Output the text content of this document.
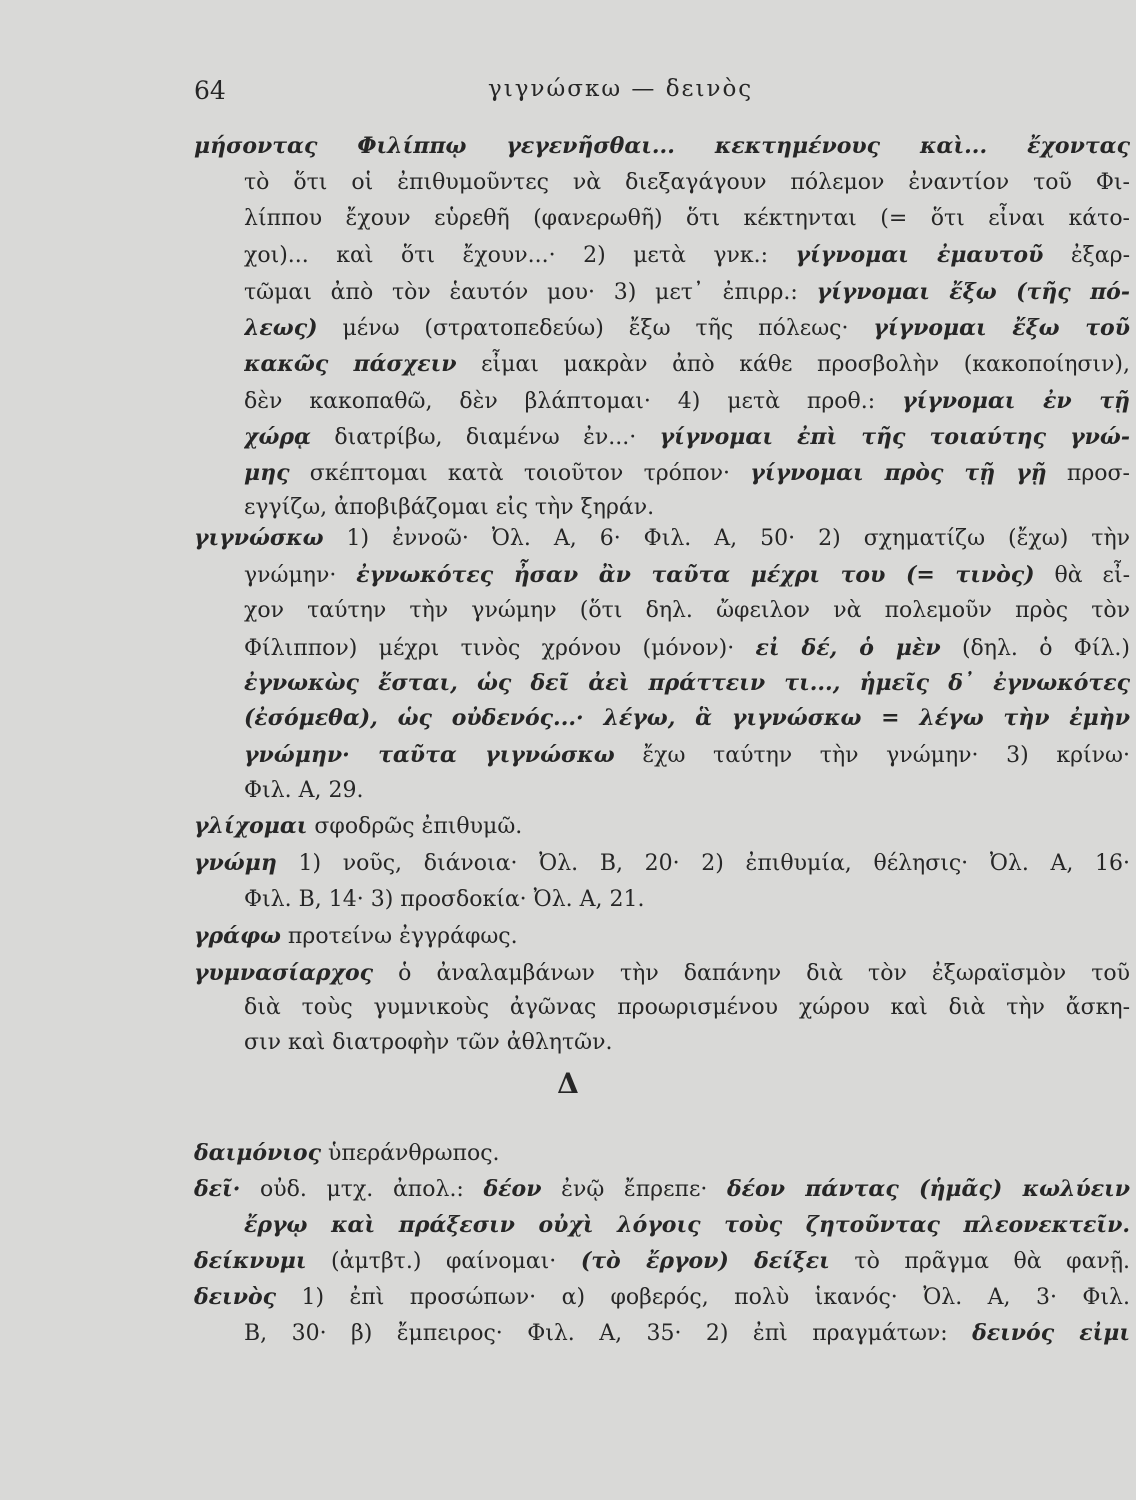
64	γιγνώσκω — δεινὸς
μήσοντας Φιλίππῳ γεγενῆσθαι... κεκτημένους καὶ... ἔχοντας
τὸ ὅτι οἱ ἐπιθυμοῦντες νὰ διεξαγάγουν πόλεμον ἐναντίον τοῦ Φι-
λίππου ἔχουν εὑρεθῆ (φανερωθῆ) ὅτι κέκτηνται (= ὅτι εἶναι κάτο-
χοι)... καὶ ὅτι ἔχουν...· 2) μετὰ γνκ.: γίγνομαι ἐμαυτοῦ ἐξαρ-
τῶμαι ἀπὸ τὸν ἑαυτόν μου· 3) μετ᾽ ἐπιρρ.: γίγνομαι ἔξω (τῆς πό-
λεως) μένω (στρατοπεδεύω) ἔξω τῆς πόλεως· γίγνομαι ἔξω τοῦ
κακῶς πάσχειν εἶμαι μακρὰν ἀπὸ κάθε προσβολὴν (κακοποίησιν),
δὲν κακοπαθῶ, δὲν βλάπτομαι· 4) μετὰ προθ.: γίγνομαι ἐν τῇ
χώρᾳ διατρίβω, διαμένω ἐν...· γίγνομαι ἐπὶ τῆς τοιαύτης γνώ-
μης σκέπτομαι κατὰ τοιοῦτον τρόπον· γίγνομαι πρὸς τῇ γῇ προσ-
εγγίζω, ἀποβιβάζομαι εἰς τὴν ξηράν.
γιγνώσκω 1) ἐννοῶ· Ὀλ. Α, 6· Φιλ. Α, 50· 2) σχηματίζω (ἔχω) τὴν
γνώμην· ἐγνωκότες ἦσαν ἂν ταῦτα μέχρι του (= τινὸς) θὰ εἶ-
χον ταύτην τὴν γνώμην (ὅτι δηλ. ὤφειλον νὰ πολεμοῦν πρὸς τὸν
Φίλιππον) μέχρι τινὸς χρόνου (μόνον)· εἰ δέ, ὁ μὲν (δηλ. ὁ Φίλ.)
ἐγνωκὼς ἔσται, ὡς δεῖ ἀεὶ πράττειν τι..., ἡμεῖς δ᾽ ἐγνωκότες
(ἐσόμεθα), ὡς οὐδενός...· λέγω, ἃ γιγνώσκω = λέγω τὴν ἐμὴν
γνώμην· ταῦτα γιγνώσκω ἔχω ταύτην τὴν γνώμην· 3) κρίνω·
Φιλ. Α, 29.
γλίχομαι σφοδρῶς ἐπιθυμῶ.
γνώμη 1) νοῦς, διάνοια· Ὀλ. Β, 20· 2) ἐπιθυμία, θέλησις· Ὀλ. Α, 16·
Φιλ. Β, 14· 3) προσδοκία· Ὀλ. Α, 21.
γράφω προτείνω ἐγγράφως.
γυμνασίαρχος ὁ ἀναλαμβάνων τὴν δαπάνην διὰ τὸν ἐξωραϊσμὸν τοῦ
διὰ τοὺς γυμνικοὺς ἀγῶνας προωρισμένου χώρου καὶ διὰ τὴν ἄσκη-
σιν καὶ διατροφὴν τῶν ἀθλητῶν.
δαιμόνιος ὑπεράνθρωπος.
δεῖ· οὐδ. μτχ. ἀπολ.: δέον ἐνῷ ἔπρεπε· δέον πάντας (ἡμᾶς) κωλύειν
ἔργῳ καὶ πράξεσιν οὐχὶ λόγοις τοὺς ζητοῦντας πλεονεκτεῖν.
δείκνυμι (ἀμτβτ.) φαίνομαι· (τὸ ἔργον) δείξει τὸ πρᾶγμα θὰ φανῇ.
δεινὸς 1) ἐπὶ προσώπων· α) φοβερός, πολὺ ἱκανός· Ὀλ. Α, 3· Φιλ.
Β, 30· β) ἔμπειρος· Φιλ. Α, 35· 2) ἐπὶ πραγμάτων: δεινός εἰμι
Δ
